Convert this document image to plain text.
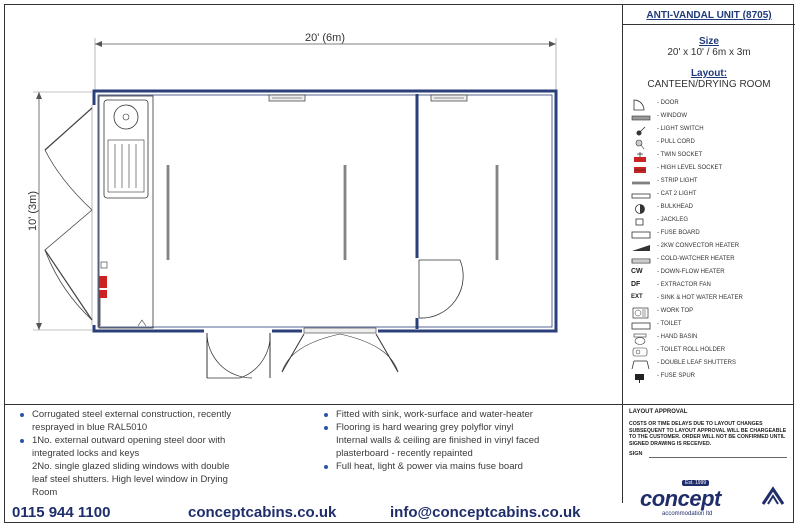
20' (6m)
10' (3m)
ANTI-VANDAL UNIT (8705)
Size
20' x 10' / 6m x 3m
Layout:
CANTEEN/DRYING ROOM
- DOOR
- WINDOW
- LIGHT SWITCH
- PULL CORD
- TWIN SOCKET
- HIGH LEVEL SOCKET
- STRIP LIGHT
- CAT 2 LIGHT
- BULKHEAD
- JACKLEG
- FUSE BOARD
- 2KW CONVECTOR HEATER
- COLD-WATCHER HEATER
CW	- DOWN-FLOW HEATER
DF	- EXTRACTOR FAN
EXT	- SINK & HOT WATER HEATER
- WORK TOP
- TOILET
- HAND BASIN
- TOILET ROLL HOLDER
- DOUBLE LEAF SHUTTERS
- FUSE SPUR
Corrugated steel external construction, recently
resprayed in blue RAL5010
1No. external outward opening steel door with
integrated locks and keys
2No. single glazed sliding windows with double
leaf steel shutters. High level window in Drying
Room
Fitted with sink, work-surface and water-heater
Flooring is hard wearing grey polyflor vinyl
Internal walls & ceiling are finished in vinyl faced
plasterboard - recently repainted
Full heat, light & power via mains fuse board
LAYOUT APPROVAL
COSTS OR TIME DELAYS DUE TO LAYOUT CHANGES SUBSEQUENT TO LAYOUT APPROVAL WILL BE CHARGEABLE TO THE CUSTOMER. ORDER WILL NOT BE CONFIRMED UNTIL SIGNED DRAWING IS RECEIVED.
SIGN
0115 944 1100	conceptcabins.co.uk	info@conceptcabins.co.uk
Est. 1999
concept
accommodation ltd
